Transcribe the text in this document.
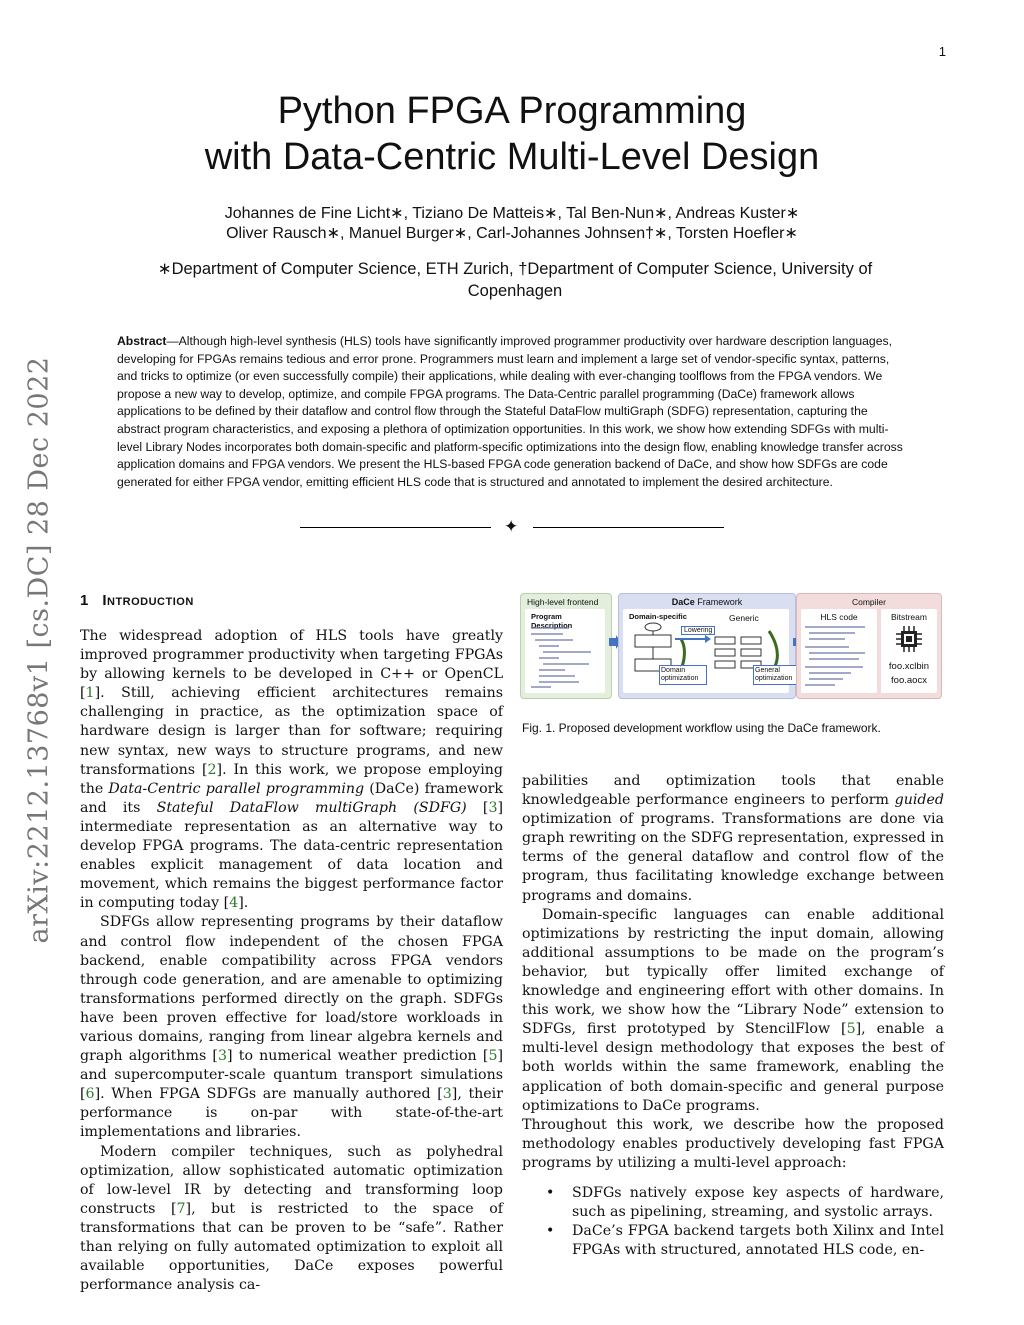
1
arXiv:2212.13768v1 [cs.DC] 28 Dec 2022
Python FPGA Programming
with Data-Centric Multi-Level Design
Johannes de Fine Licht∗, Tiziano De Matteis∗, Tal Ben-Nun∗, Andreas Kuster∗
Oliver Rausch∗, Manuel Burger∗, Carl-Johannes Johnsen†∗, Torsten Hoefler∗
∗Department of Computer Science, ETH Zurich, †Department of Computer Science, University of Copenhagen
Abstract—Although high-level synthesis (HLS) tools have significantly improved programmer productivity over hardware description languages, developing for FPGAs remains tedious and error prone. Programmers must learn and implement a large set of vendor-specific syntax, patterns, and tricks to optimize (or even successfully compile) their applications, while dealing with ever-changing toolflows from the FPGA vendors. We propose a new way to develop, optimize, and compile FPGA programs. The Data-Centric parallel programming (DaCe) framework allows applications to be defined by their dataflow and control flow through the Stateful DataFlow multiGraph (SDFG) representation, capturing the abstract program characteristics, and exposing a plethora of optimization opportunities. In this work, we show how extending SDFGs with multi-level Library Nodes incorporates both domain-specific and platform-specific optimizations into the design flow, enabling knowledge transfer across application domains and FPGA vendors. We present the HLS-based FPGA code generation backend of DaCe, and show how SDFGs are code generated for either FPGA vendor, emitting efficient HLS code that is structured and annotated to implement the desired architecture.
✦
1 Introduction

The widespread adoption of HLS tools have greatly improved programmer productivity when targeting FPGAs by allowing kernels to be developed in C++ or OpenCL [1]. Still, achieving efficient architectures remains challenging in practice, as the optimization space of hardware design is larger than for software; requiring new syntax, new ways to structure programs, and new transformations [2]. In this work, we propose employing the Data-Centric parallel programming (DaCe) framework and its Stateful DataFlow multiGraph (SDFG) [3] intermediate representation as an alternative way to develop FPGA programs. The data-centric representation enables explicit management of data location and movement, which remains the biggest performance factor in computing today [4].

SDFGs allow representing programs by their dataflow and control flow independent of the chosen FPGA backend, enable compatibility across FPGA vendors through code generation, and are amenable to optimizing transformations performed directly on the graph. SDFGs have been proven effective for load/store workloads in various domains, ranging from linear algebra kernels and graph algorithms [3] to numerical weather prediction [5] and supercomputer-scale quantum transport simulations [6]. When FPGA SDFGs are manually authored [3], their performance is on-par with state-of-the-art implementations and libraries.

Modern compiler techniques, such as polyhedral optimization, allow sophisticated automatic optimization of low-level IR by detecting and transforming loop constructs [7], but is restricted to the space of transformations that can be proven to be “safe”. Rather than relying on fully automated optimization to exploit all available opportunities, DaCe exposes powerful performance analysis ca-

High-level frontend
Program Description
DaCe Framework
Domain-specific	Generic
Lowering
Domain optimization
General optimization
Compiler
HLS code	Bitstream
foo.xclbin
foo.aocx
Fig. 1. Proposed development workflow using the DaCe framework.

pabilities and optimization tools that enable knowledgeable performance engineers to perform guided optimization of programs. Transformations are done via graph rewriting on the SDFG representation, expressed in terms of the general dataflow and control flow of the program, thus facilitating knowledge exchange between programs and domains.

Domain-specific languages can enable additional optimizations by restricting the input domain, allowing additional assumptions to be made on the program’s behavior, but typically offer limited exchange of knowledge and engineering effort with other domains. In this work, we show how the “Library Node” extension to SDFGs, first prototyped by StencilFlow [5], enable a multi-level design methodology that exposes the best of both worlds within the same framework, enabling the application of both domain-specific and general purpose optimizations to DaCe programs.

Throughout this work, we describe how the proposed methodology enables productively developing fast FPGA programs by utilizing a multi-level approach:

• SDFGs natively expose key aspects of hardware, such as pipelining, streaming, and systolic arrays.
• DaCe’s FPGA backend targets both Xilinx and Intel FPGAs with structured, annotated HLS code, en-
